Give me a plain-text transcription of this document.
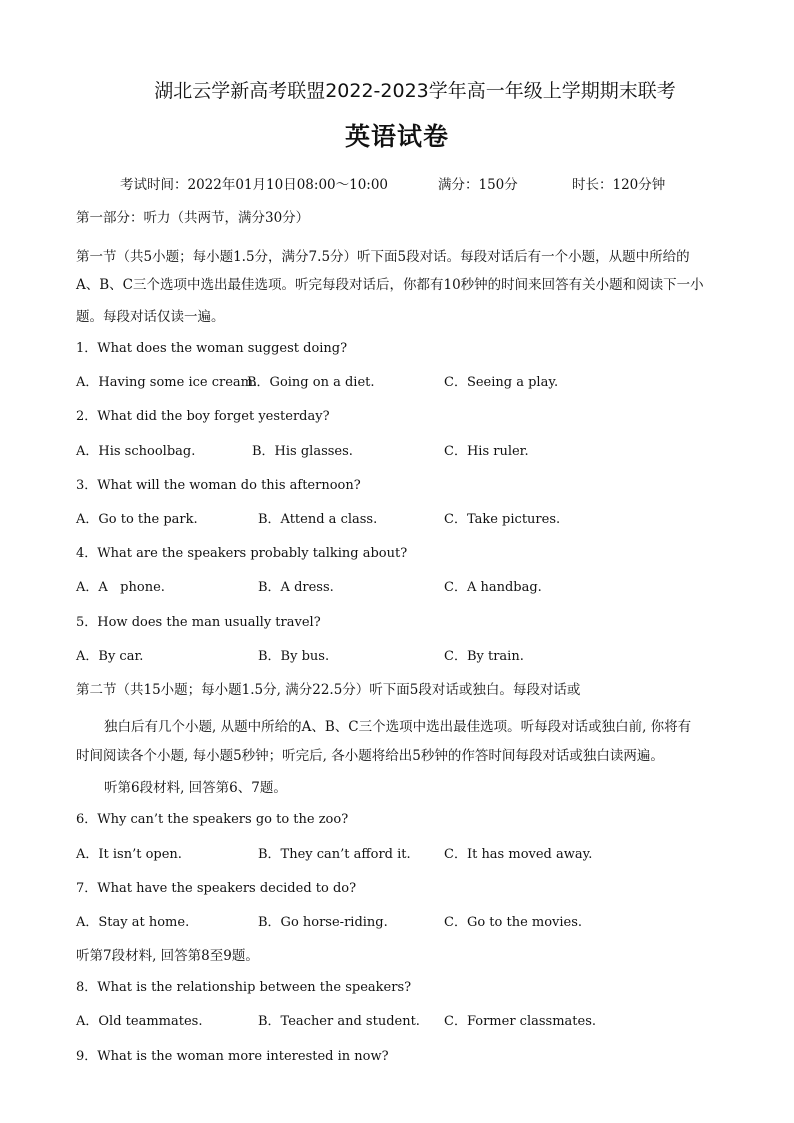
湖北云学新高考联盟2022-2023学年高一年级上学期期末联考
英语试卷
考试时间：2022年01月10日08:00～10:00	满分：150分	时长：120分钟
第一部分：听力（共两节，满分30分）
第一节（共5小题；每小题1.5分，满分7.5分）听下面5段对话。每段对话后有一个小题，从题中所给的
A、B、C三个选项中选出最佳选项。听完每段对话后，你都有10秒钟的时间来回答有关小题和阅读下一小
题。每段对话仅读一遍。
1．What does the woman suggest doing?
A．Having some ice cream.
B．Going on a diet.	C．Seeing a play.
2．What did the boy forget yesterday?
A．His schoolbag.	B．His glasses.	C．His ruler.
3．What will the woman do this afternoon?
A．Go to the park.	B．Attend a class.	C．Take pictures.
4．What are the speakers probably talking about?
A．A   phone.	B．A dress.	C．A handbag.
5．How does the man usually travel?
A．By car.	B．By bus.	C．By train.
第二节（共15小题；每小题1.5分, 满分22.5分）听下面5段对话或独白。每段对话或
独白后有几个小题, 从题中所给的A、B、C三个选项中选出最佳选项。听每段对话或独白前, 你将有
时间阅读各个小题, 每小题5秒钟；听完后, 各小题将给出5秒钟的作答时间每段对话或独白读两遍。
听第6段材料, 回答第6、7题。
6．Why can’t the speakers go to the zoo?
A．It isn’t open.	B．They can’t afford it.	C．It has moved away.
7．What have the speakers decided to do?
A．Stay at home.	B．Go horse-riding.	C．Go to the movies.
听第7段材料, 回答第8至9题。
8．What is the relationship between the speakers?
A．Old teammates.	B．Teacher and student. C．Former classmates.
9．What is the woman more interested in now?
